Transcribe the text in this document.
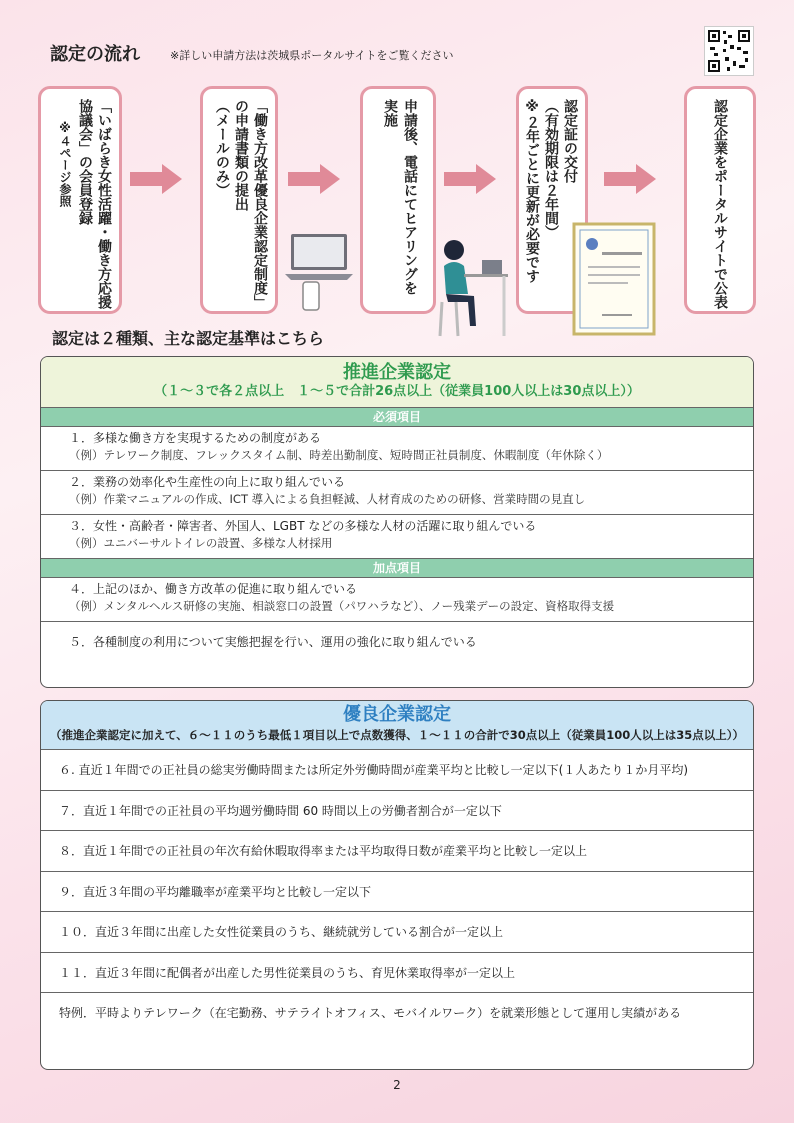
認定の流れ	※詳しい申請方法は茨城県ポータルサイトをご覧ください
「いばらき女性活躍・働き方応援
協議会」の会員登録
※４ページ参照	「働き方改革優良企業認定制度」
の申請書類の提出
（メールのみ）	申請後、電話にてヒアリングを
実施	認定証の交付
（有効期限は２年間）
※２年ごとに更新が必要です	認定企業をポータルサイトで公表
認定は２種類、主な認定基準はこちら
推進企業認定
（１～３で各２点以上　１～５で合計26点以上（従業員100人以上は30点以上））
必須項目
１．多様な働き方を実現するための制度がある
（例）テレワーク制度、フレックスタイム制、時差出勤制度、短時間正社員制度、休暇制度（年休除く）
２．業務の効率化や生産性の向上に取り組んでいる
（例）作業マニュアルの作成、ICT 導入による負担軽減、人材育成のための研修、営業時間の見直し
３．女性・高齢者・障害者、外国人、LGBT などの多様な人材の活躍に取り組んでいる
（例）ユニバーサルトイレの設置、多様な人材採用
加点項目
４．上記のほか、働き方改革の促進に取り組んでいる
（例）メンタルヘルス研修の実施、相談窓口の設置（パワハラなど）、ノー残業デーの設定、資格取得支援
５．各種制度の利用について実態把握を行い、運用の強化に取り組んでいる
優良企業認定
（推進企業認定に加えて、６～１１のうち最低１項目以上で点数獲得、１～１１の合計で30点以上（従業員100人以上は35点以上））
６. 直近１年間での正社員の総実労働時間または所定外労働時間が産業平均と比較し一定以下(１人あたり１か月平均)
７．直近１年間での正社員の平均週労働時間 60 時間以上の労働者割合が一定以下
８．直近１年間での正社員の年次有給休暇取得率または平均取得日数が産業平均と比較し一定以上
９．直近３年間の平均離職率が産業平均と比較し一定以下
１０．直近３年間に出産した女性従業員のうち、継続就労している割合が一定以上
１１．直近３年間に配偶者が出産した男性従業員のうち、育児休業取得率が一定以上
特例．平時よりテレワーク（在宅勤務、サテライトオフィス、モバイルワーク）を就業形態として運用し実績がある
2
